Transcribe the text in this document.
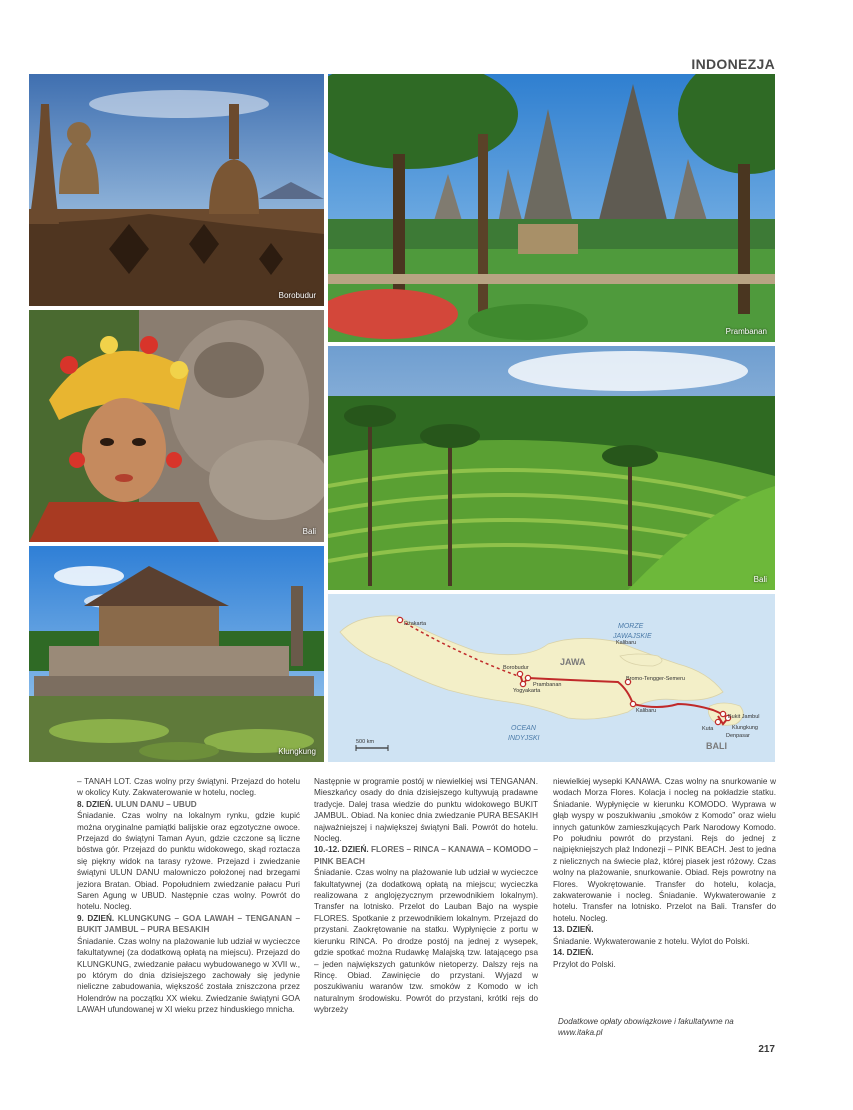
INDONEZJA
Borobudur
Prambanan
Bali
Bali
Klungkung
MORZE
JAWAJSKIE
OCEAN
INDYJSKI
JAWA
BALI
Dżakarta
Borobudur
Prambanan
Yogyakarta
Kalibaru
Bromo-Tengger-Semeru
Kalibaru
Kuta
Bukit Jambul
Klungkung
Denpasar
500 km

– TANAH LOT. Czas wolny przy świątyni. Przejazd do hotelu w okolicy Kuty. Zakwaterowanie w hotelu, nocleg.

8. DZIEŃ. ULUN DANU – UBUD

Śniadanie. Czas wolny na lokalnym rynku, gdzie kupić można oryginalne pamiątki balijskie oraz egzotyczne owoce. Przejazd do świątyni Taman Ayun, gdzie czczone są liczne bóstwa gór. Przejazd do punktu widokowego, skąd roztacza się piękny widok na tarasy ryżowe. Przejazd i zwiedzanie świątyni ULUN DANU malowniczo położonej nad brzegami jeziora Bratan. Obiad. Popołudniem zwiedzanie pałacu Puri Saren Agung w UBUD. Następnie czas wolny. Powrót do hotelu. Nocleg.

9. DZIEŃ. KLUNGKUNG – GOA LAWAH – TENGANAN – BUKIT JAMBUL – PURA BESAKIH

Śniadanie. Czas wolny na plażowanie lub udział w wycieczce fakultatywnej (za dodatkową opłatą na miejscu). Przejazd do KLUNGKUNG, zwiedzanie pałacu wybudowanego w XVII w., po którym do dnia dzisiejszego zachowały się jedynie nieliczne zabudowania, większość została zniszczona przez Holendrów na początku XX wieku. Zwiedzanie świątyni GOA LAWAH ufundowanej w XI wieku przez hinduskiego mnicha.

Następnie w programie postój w niewielkiej wsi TENGANAN. Mieszkańcy osady do dnia dzisiejszego kultywują pradawne tradycje. Dalej trasa wiedzie do punktu widokowego BUKIT JAMBUL. Obiad. Na koniec dnia zwiedzanie PURA BESAKIH najważniejszej i największej świątyni Bali. Powrót do hotelu. Nocleg.

10.-12. DZIEŃ. FLORES – RINCA – KANAWA – KOMODO – PINK BEACH

Śniadanie. Czas wolny na plażowanie lub udział w wycieczce fakultatywnej (za dodatkową opłatą na miejscu; wycieczka realizowana z anglojęzycznym przewodnikiem lokalnym). Transfer na lotnisko. Przelot do Lauban Bajo na wyspie FLORES. Spotkanie z przewodnikiem lokalnym. Przejazd do przystani. Zaokrętowanie na statku. Wypłynięcie z portu w kierunku RINCA. Po drodze postój na jednej z wysepek, gdzie spotkać można Rudawkę Malajską tzw. latającego psa – jeden największych gatunków nietoperzy. Dalszy rejs na Rincę. Obiad. Zawinięcie do przystani. Wyjazd w poszukiwaniu waranów tzw. smoków z Komodo w ich naturalnym środowisku. Powrót do przystani, krótki rejs do wybrzeży

niewielkiej wysepki KANAWA. Czas wolny na snurkowanie w wodach Morza Flores. Kolacja i nocleg na pokładzie statku. Śniadanie. Wypłynięcie w kierunku KOMODO. Wyprawa w głąb wyspy w poszukiwaniu „smoków z Komodo” oraz wielu innych gatunków zamieszkujących Park Narodowy Komodo. Po południu powrót do przystani. Rejs do jednej z najpiękniejszych plaż Indonezji – PINK BEACH. Jest to jedna z nielicznych na świecie plaż, której piasek jest różowy. Czas wolny na plażowanie, snurkowanie. Obiad. Rejs powrotny na Flores. Wyokrętowanie. Transfer do hotelu, kolacja, zakwaterowanie i nocleg. Śniadanie. Wykwaterowanie z hotelu. Transfer na lotnisko. Przelot na Bali. Transfer do hotelu. Nocleg.

13. DZIEŃ.

Śniadanie. Wykwaterowanie z hotelu. Wylot do Polski.

14. DZIEŃ.

Przylot do Polski.

Dodatkowe opłaty obowiązkowe i fakultatywne na www.itaka.pl
217
